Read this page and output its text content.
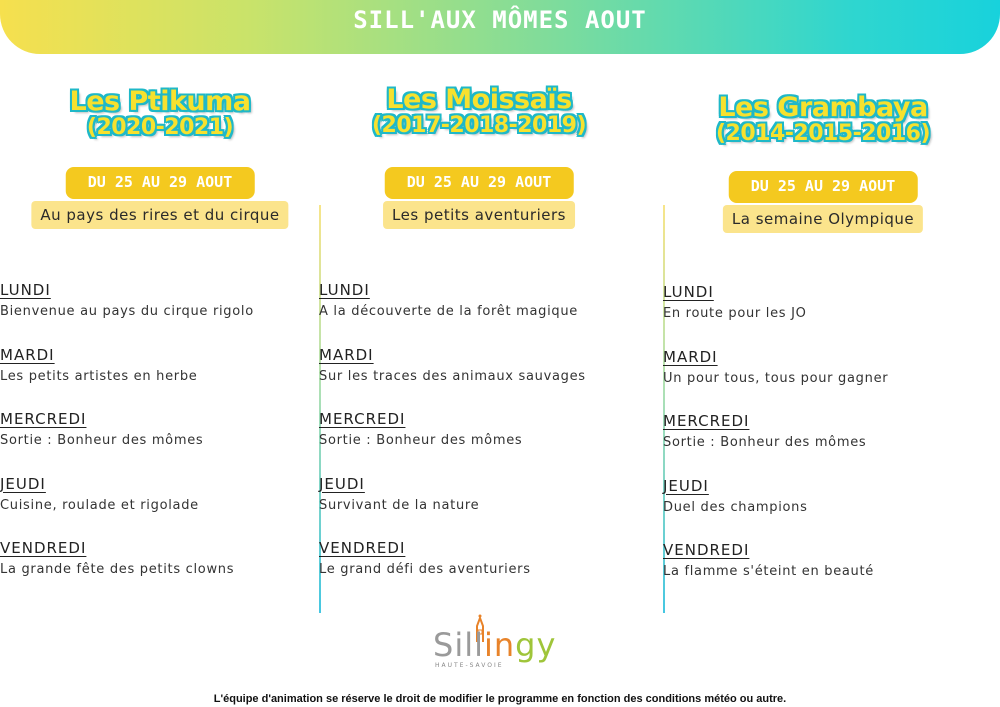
SILL'AUX MÔMES AOUT
Les Ptikuma
(2020-2021)
DU 25 AU 29 AOUT
Au pays des rires et du cirque
LUNDI
Bienvenue au pays du cirque rigolo
MARDI
Les petits artistes en herbe
MERCREDI
Sortie : Bonheur des mômes
JEUDI
Cuisine, roulade et rigolade
VENDREDI
La grande fête des petits clowns
Les Moissaïs
(2017-2018-2019)
DU 25 AU 29 AOUT
Les petits aventuriers
LUNDI
A la découverte de la forêt magique
MARDI
Sur les traces des animaux sauvages
MERCREDI
Sortie : Bonheur des mômes
JEUDI
Survivant de la nature
VENDREDI
Le grand défi des aventuriers
Les Grambaya
(2014-2015-2016)
DU 25 AU 29 AOUT
La semaine Olympique
LUNDI
En route pour les JO
MARDI
Un pour tous, tous pour gagner
MERCREDI
Sortie : Bonheur des mômes
JEUDI
Duel des champions
VENDREDI
La flamme s'éteint en beauté
Sillingy
HAUTE-SAVOIE
L'équipe d'animation se réserve le droit de modifier le programme en fonction des conditions météo ou autre.
